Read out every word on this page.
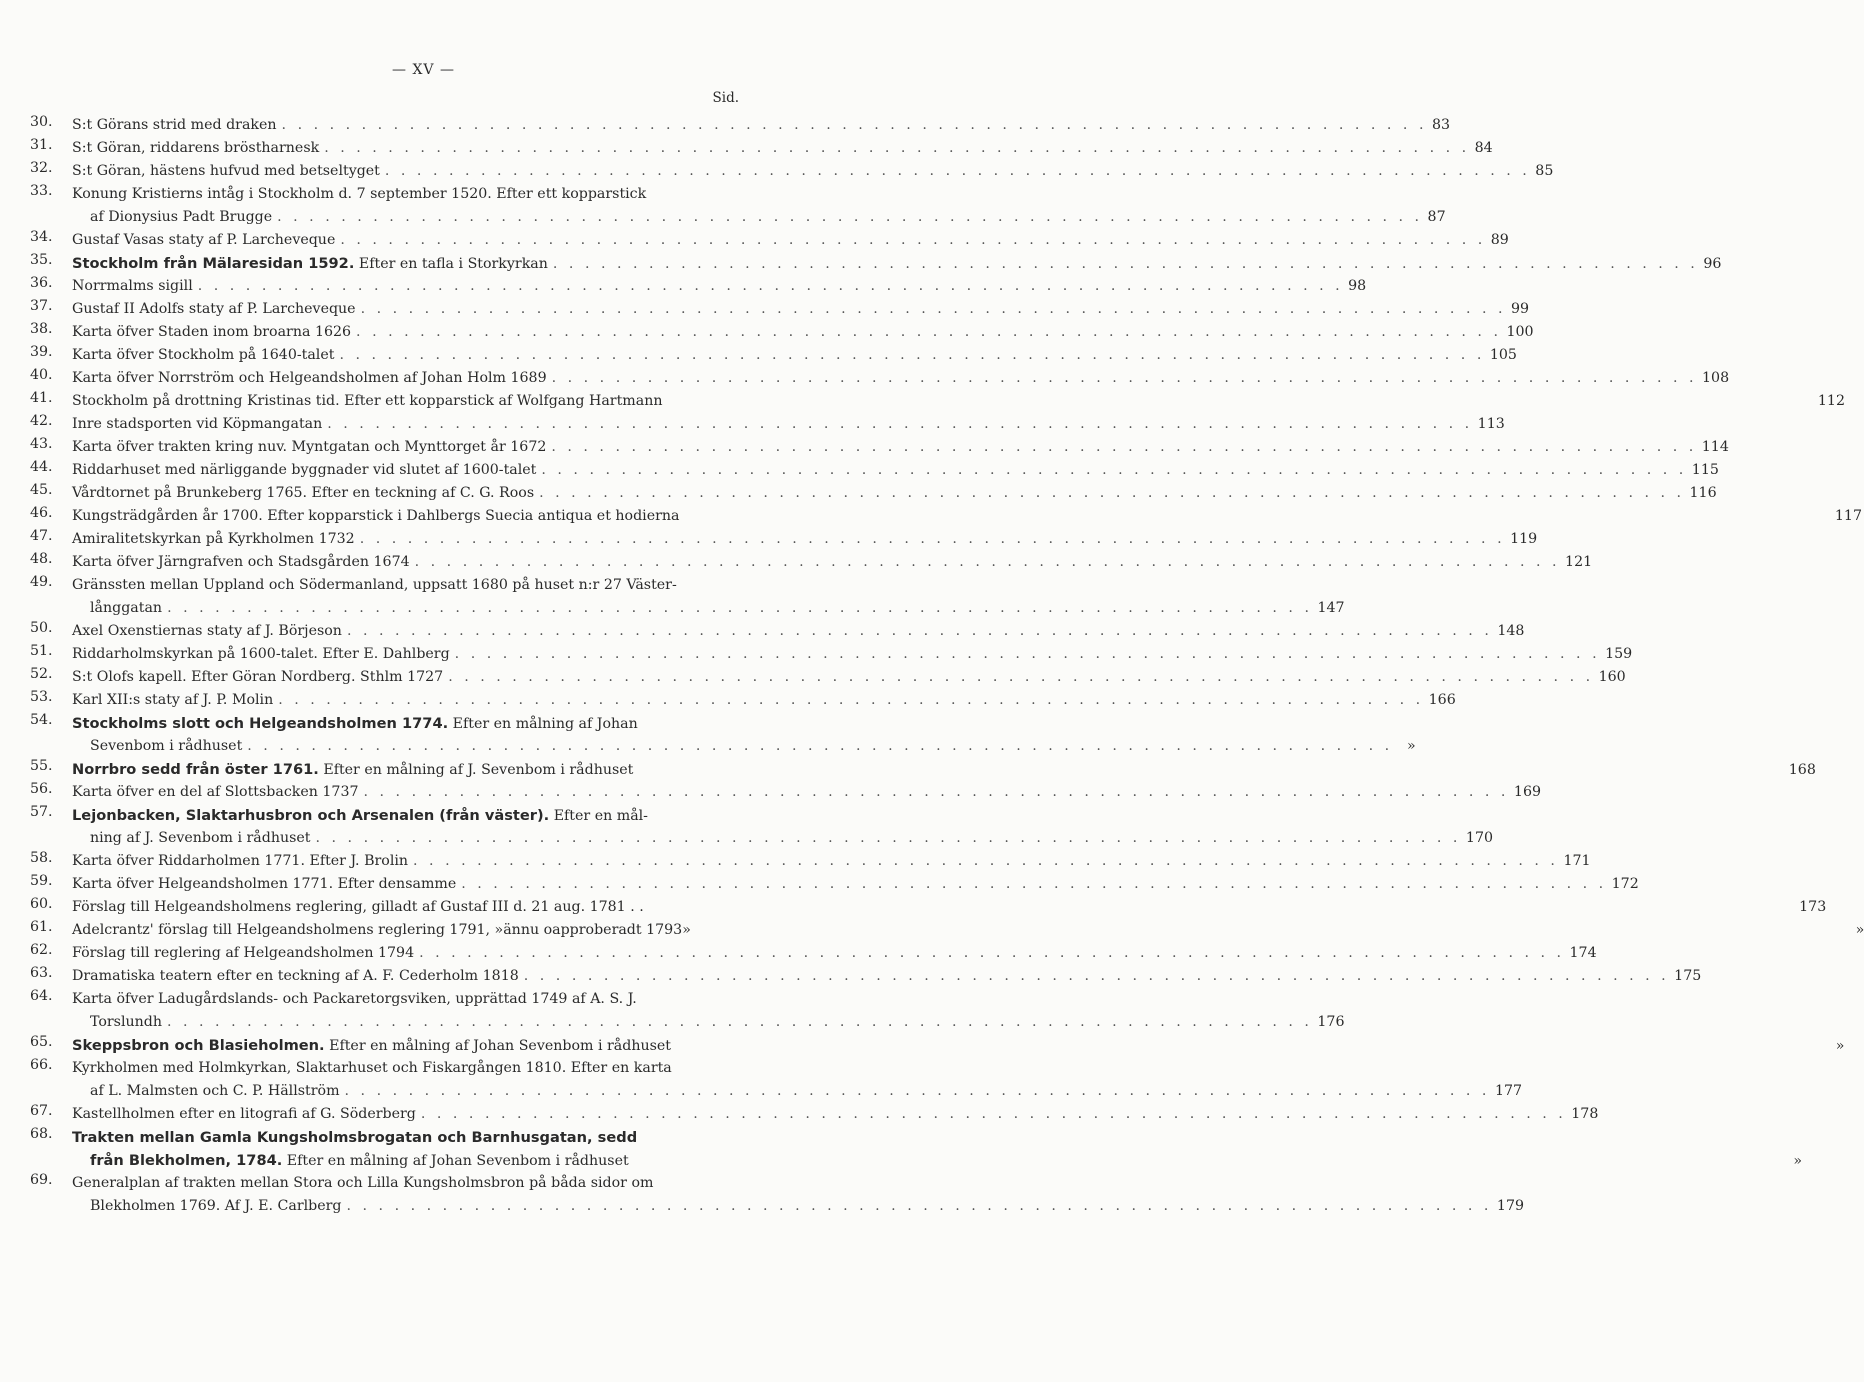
— XV —
Sid.
30. S:t Görans strid med draken . . .	83
31. S:t Göran, riddarens bröstharnesk . . .	84
32. S:t Göran, hästens hufvud med betseltyget . . .	85
33. Konung Kristierns intåg i Stockholm d. 7 september 1520. Efter ett kopparstick
af Dionysius Padt Brugge . . .	87
34. Gustaf Vasas staty af P. Larcheveque . . .	89
35. Stockholm från Mälaresidan 1592. Efter en tafla i Storkyrkan . . .	96
36. Norrmalms sigill . . .	98
37. Gustaf II Adolfs staty af P. Larcheveque . . .	99
38. Karta öfver Staden inom broarna 1626 . . .	100
39. Karta öfver Stockholm på 1640-talet . . .	105
40. Karta öfver Norrström och Helgeandsholmen af Johan Holm 1689 . . .	108
41. Stockholm på drottning Kristinas tid. Efter ett kopparstick af Wolfgang Hartmann	112
42. Inre stadsporten vid Köpmangatan . . .	113
43. Karta öfver trakten kring nuv. Myntgatan och Mynttorget år 1672 . . .	114
44. Riddarhuset med närliggande byggnader vid slutet af 1600-talet . . .	115
45. Vårdtornet på Brunkeberg 1765. Efter en teckning af C. G. Roos . . .	116
46. Kungsträdgården år 1700. Efter kopparstick i Dahlbergs Suecia antiqua et hodierna	117
47. Amiralitetskyrkan på Kyrkholmen 1732 . . .	119
48. Karta öfver Järngrafven och Stadsgården 1674 . . .	121
49. Gränssten mellan Uppland och Södermanland, uppsatt 1680 på huset n:r 27 Väster-
långgatan . . .	147
50. Axel Oxenstiernas staty af J. Börjeson . . .	148
51. Riddarholmskyrkan på 1600-talet. Efter E. Dahlberg . . .	159
52. S:t Olofs kapell. Efter Göran Nordberg. Sthlm 1727 . . .	160
53. Karl XII:s staty af J. P. Molin . . .	166
54. Stockholms slott och Helgeandsholmen 1774. Efter en målning af Johan
Sevenbom i rådhuset . . .	»
55. Norrbro sedd från öster 1761. Efter en målning af J. Sevenbom i rådhuset	168
56. Karta öfver en del af Slottsbacken 1737 . . .	169
57. Lejonbacken, Slaktarhusbron och Arsenalen (från väster). Efter en mål-
ning af J. Sevenbom i rådhuset . . .	170
58. Karta öfver Riddarholmen 1771. Efter J. Brolin . . .	171
59. Karta öfver Helgeandsholmen 1771. Efter densamme . . .	172
60. Förslag till Helgeandsholmens reglering, gilladt af Gustaf III d. 21 aug. 1781 . .	173
61. Adelcrantz' förslag till Helgeandsholmens reglering 1791, »ännu oapproberadt 1793»	»
62. Förslag till reglering af Helgeandsholmen 1794 . . .	174
63. Dramatiska teatern efter en teckning af A. F. Cederholm 1818 . . .	175
64. Karta öfver Ladugårdslands- och Packaretorgsviken, upprättad 1749 af A. S. J.
Torslundh . . .	176
65. Skeppsbron och Blasieholmen. Efter en målning af Johan Sevenbom i rådhuset	»
66. Kyrkholmen med Holmkyrkan, Slaktarhuset och Fiskargången 1810. Efter en karta
af L. Malmsten och C. P. Hällström . . .	177
67. Kastellholmen efter en litografi af G. Söderberg . . .	178
68. Trakten mellan Gamla Kungsholmsbrogatan och Barnhusgatan, sedd
från Blekholmen, 1784. Efter en målning af Johan Sevenbom i rådhuset	»
69. Generalplan af trakten mellan Stora och Lilla Kungsholmsbron på båda sidor om
Blekholmen 1769. Af J. E. Carlberg . . .	179
